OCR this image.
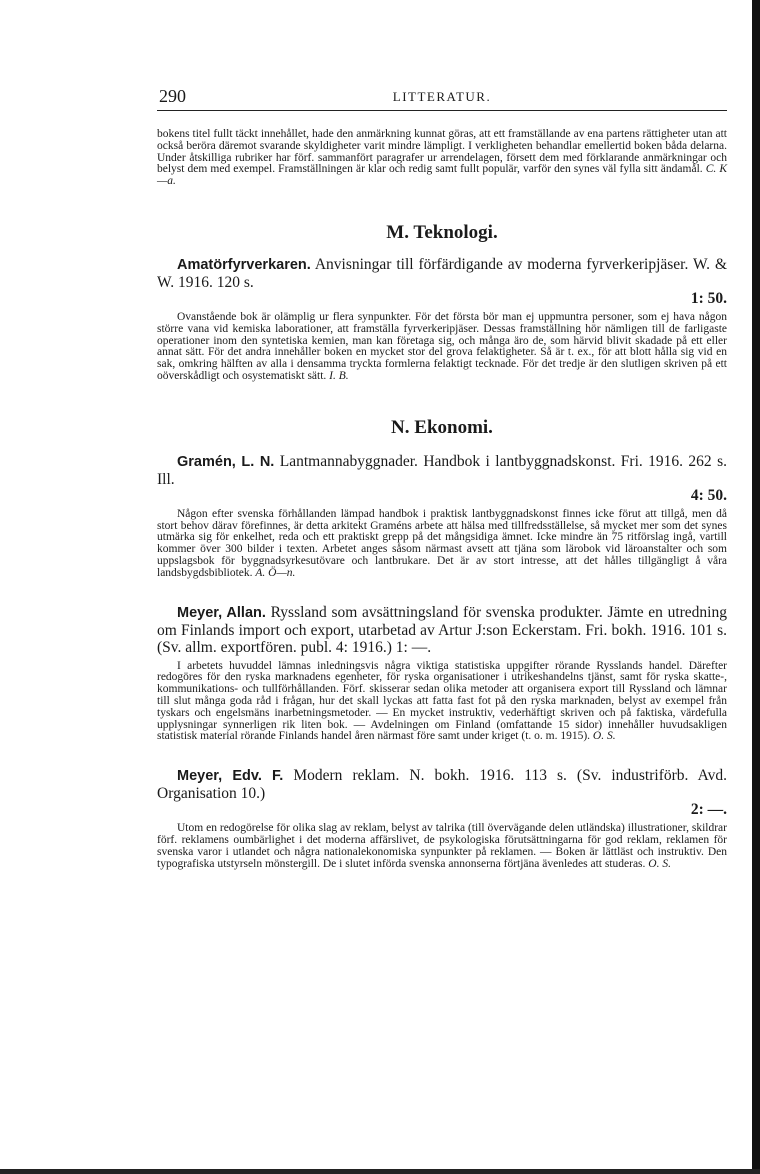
290	LITTERATUR.

bokens titel fullt täckt innehållet, hade den anmärkning kunnat göras, att ett framställande av ena partens rättigheter utan att också beröra däremot svarande skyldigheter varit mindre lämpligt. I verkligheten behandlar emellertid boken båda delarna. Under åtskilliga rubriker har förf. sammanfört paragrafer ur arrendelagen, försett dem med förklarande anmärkningar och belyst dem med exempel. Framställningen är klar och redig samt fullt populär, varför den synes väl fylla sitt ändamål. C. K—a.

M. Teknologi.

Amatörfyrverkaren. Anvisningar till förfärdigande av moderna fyrverkeripjäser. W. & W. 1916. 120 s.

1: 50.

Ovanstående bok är olämplig ur flera synpunkter. För det första bör man ej uppmuntra personer, som ej hava någon större vana vid kemiska laborationer, att framställa fyrverkeripjäser. Dessas framställning hör nämligen till de farligaste operationer inom den syntetiska kemien, man kan företaga sig, och många äro de, som härvid blivit skadade på ett eller annat sätt. För det andra innehåller boken en mycket stor del grova felaktigheter. Så är t. ex., för att blott hålla sig vid en sak, omkring hälften av alla i densamma tryckta formlerna felaktigt tecknade. För det tredje är den slutligen skriven på ett oöverskådligt och osystematiskt sätt. I. B.

N. Ekonomi.

Gramén, L. N. Lantmannabyggnader. Handbok i lantbyggnadskonst. Fri. 1916. 262 s. Ill.

4: 50.

Någon efter svenska förhållanden lämpad handbok i praktisk lantbyggnadskonst finnes icke förut att tillgå, men då stort behov därav förefinnes, är detta arkitekt Graméns arbete att hälsa med tillfredsställelse, så mycket mer som det synes utmärka sig för enkelhet, reda och ett praktiskt grepp på det mångsidiga ämnet. Icke mindre än 75 ritförslag ingå, vartill kommer över 300 bilder i texten. Arbetet anges såsom närmast avsett att tjäna som lärobok vid läroanstalter och som uppslagsbok för byggnadsyrkesutövare och lantbrukare. Det är av stort intresse, att det hålles tillgängligt å våra landsbygdsbibliotek. A. Ö—n.

Meyer, Allan. Ryssland som avsättningsland för svenska produkter. Jämte en utredning om Finlands import och export, utarbetad av Artur J:son Eckerstam. Fri. bokh. 1916. 101 s. (Sv. allm. exportfören. publ. 4: 1916.) 1: —.

I arbetets huvuddel lämnas inledningsvis några viktiga statistiska uppgifter rörande Rysslands handel. Därefter redogöres för den ryska marknadens egenheter, för ryska organisationer i utrikeshandelns tjänst, samt för ryska skatte-, kommunikations- och tullförhållanden. Förf. skisserar sedan olika metoder att organisera export till Ryssland och lämnar till slut många goda råd i frågan, hur det skall lyckas att fatta fast fot på den ryska marknaden, belyst av exempel från tyskars och engelsmäns inarbetningsmetoder. — En mycket instruktiv, vederhäftigt skriven och på faktiska, värdefulla upplysningar synnerligen rik liten bok. — Avdelningen om Finland (omfattande 15 sidor) innehåller huvudsakligen statistisk material rörande Finlands handel åren närmast före samt under kriget (t. o. m. 1915). O. S.

Meyer, Edv. F. Modern reklam. N. bokh. 1916. 113 s. (Sv. industriförb. Avd. Organisation 10.)

2: —.

Utom en redogörelse för olika slag av reklam, belyst av talrika (till övervägande delen utländska) illustrationer, skildrar förf. reklamens oumbärlighet i det moderna affärslivet, de psykologiska förutsättningarna för god reklam, reklamen för svenska varor i utlandet och några nationalekonomiska synpunkter på reklamen. — Boken är lättläst och instruktiv. Den typografiska utstyrseln mönstergill. De i slutet införda svenska annonserna förtjäna ävenledes att studeras. O. S.
